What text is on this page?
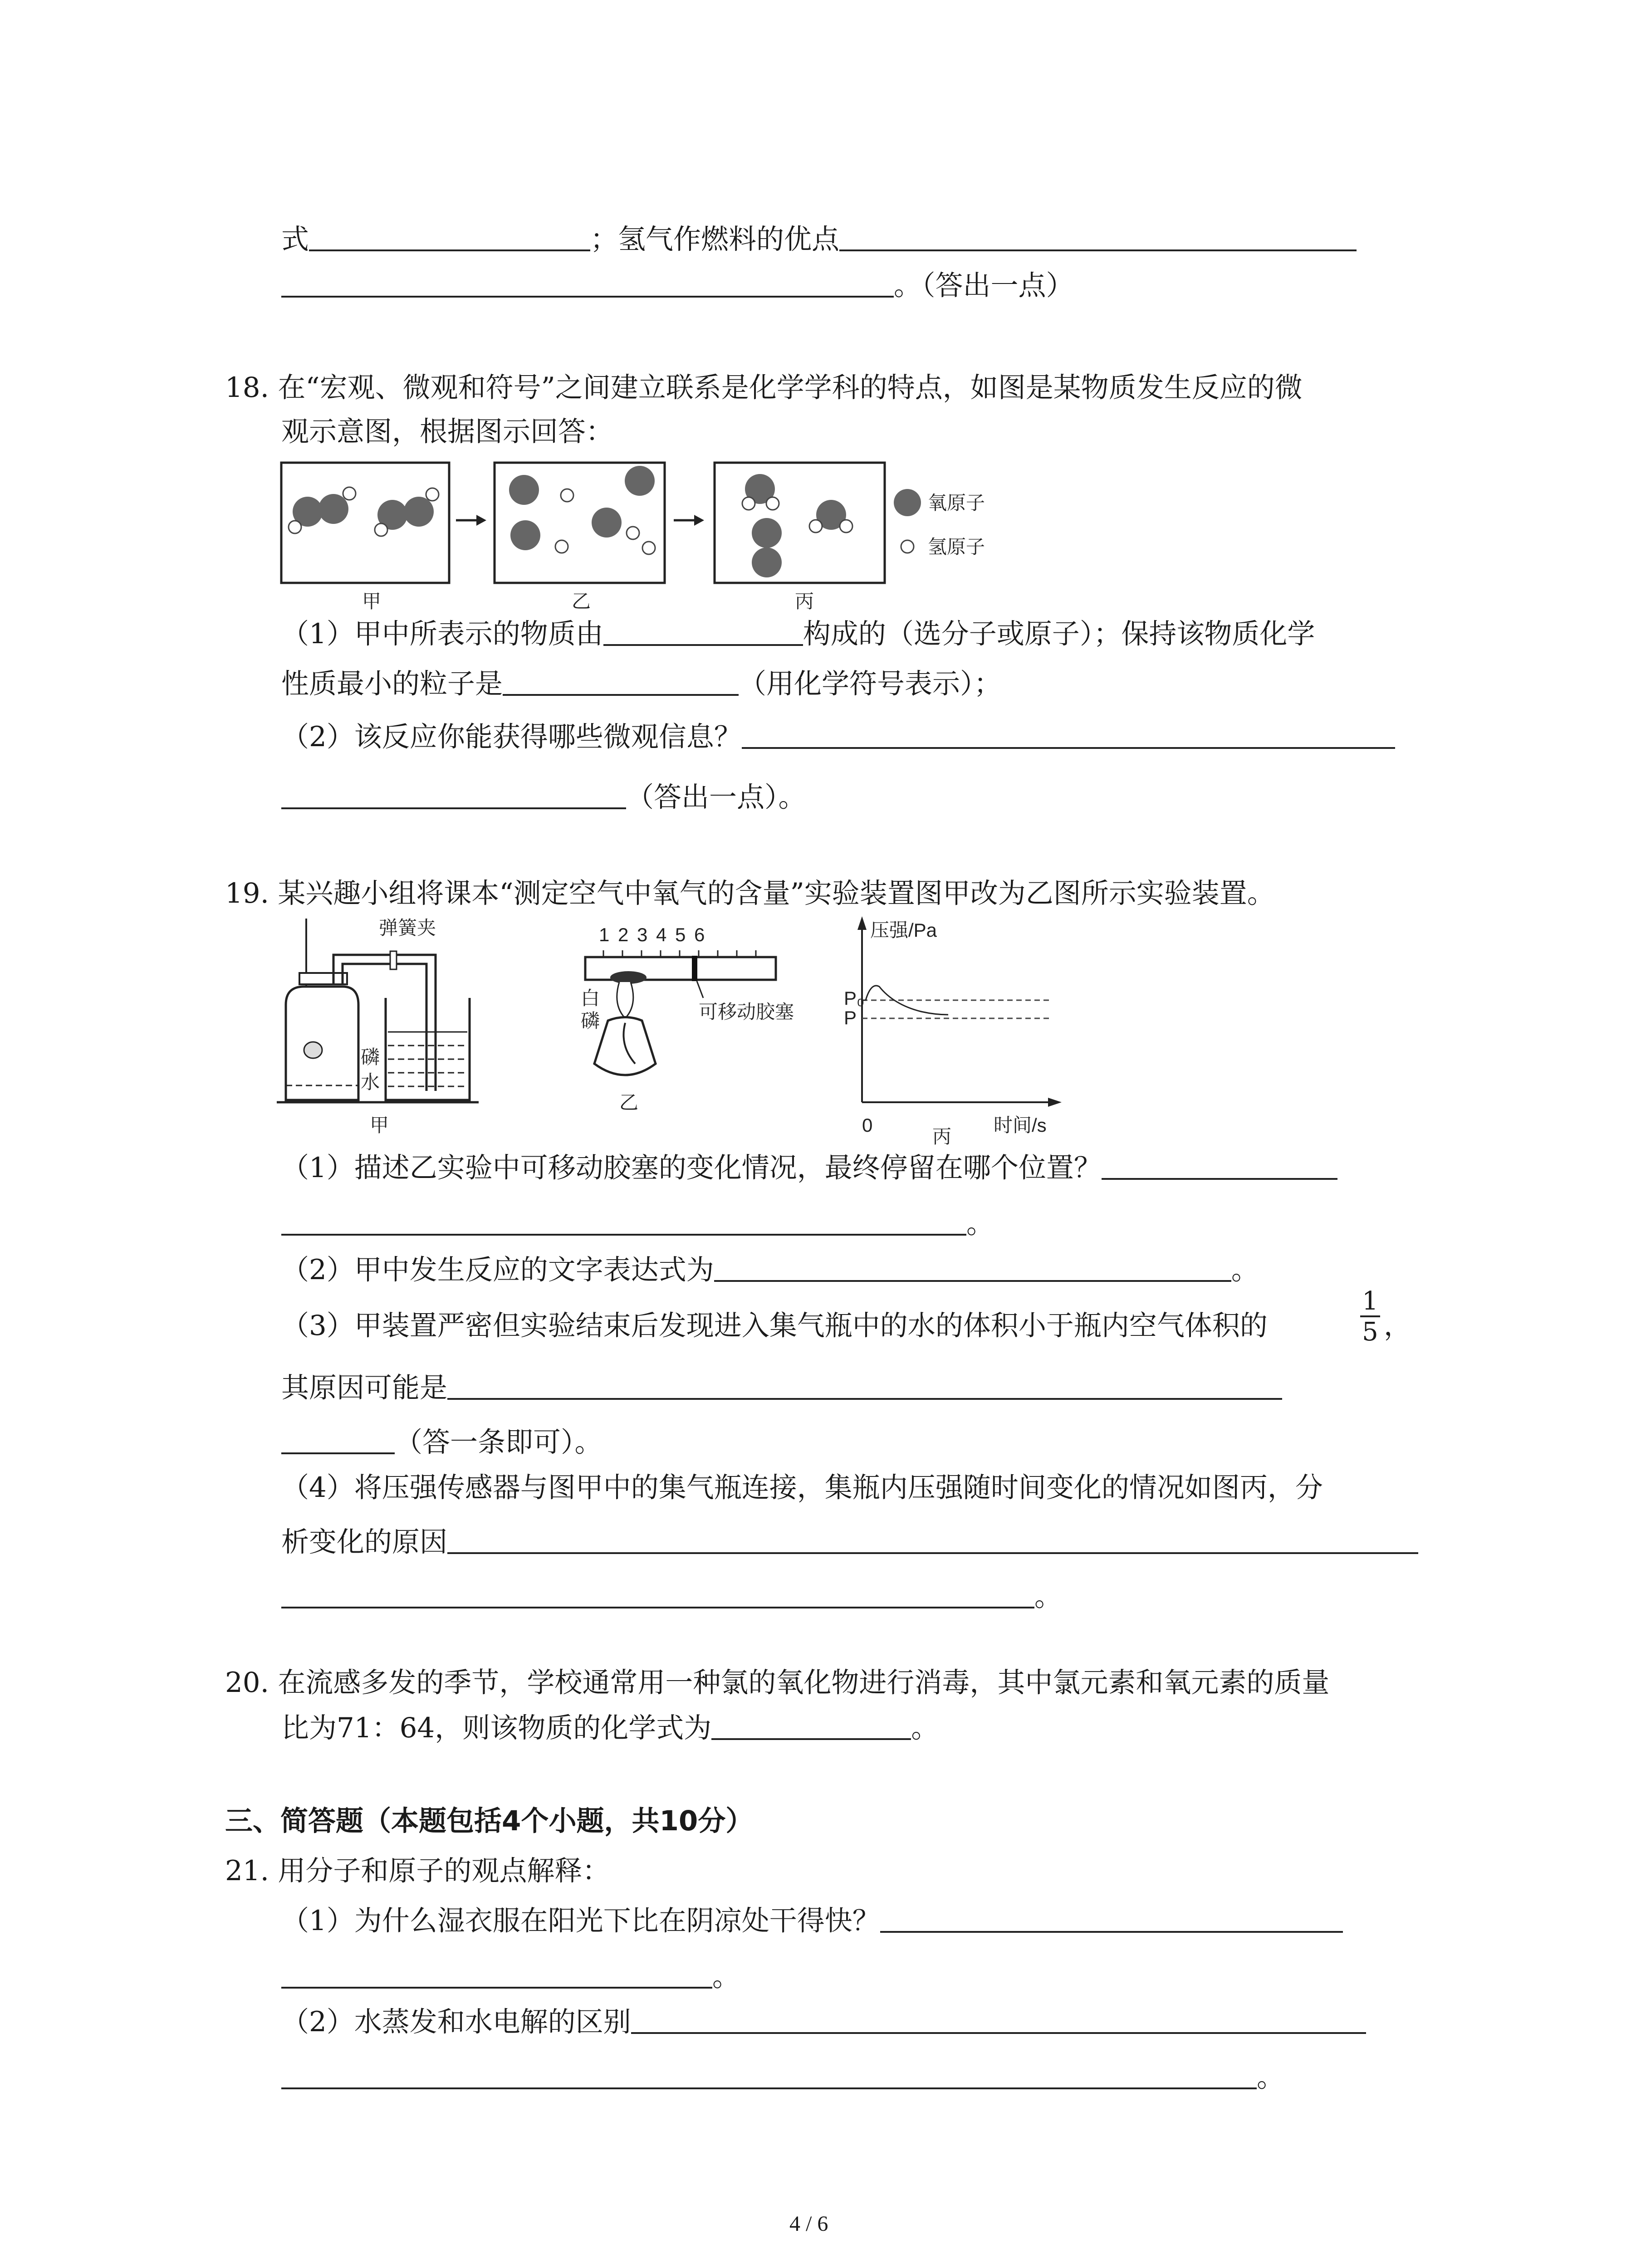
式	；氢气作燃料的优点
。（答出一点）
18. 在“宏观、微观和符号”之间建立联系是化学学科的特点，如图是某物质发生反应的微
观示意图，根据图示回答：
氧原子
氢原子
甲	乙	丙
（1）甲中所表示的物质由	构成的（选分子或原子）；保持该物质化学
性质最小的粒子是	（用化学符号表示）；
（2）该反应你能获得哪些微观信息？
（答出一点）。
19. 某兴趣小组将课本“测定空气中氧气的含量”实验装置图甲改为乙图所示实验装置。
弹簧夹
磷
水
甲
1 2 3 4 5 6
白
磷	可移动胶塞
乙
压强/Pa
P₀
P
0	时间/s
丙
（1）描述乙实验中可移动胶塞的变化情况，最终停留在哪个位置？
。
（2）甲中发生反应的文字表达式为	。
（3）甲装置严密但实验结束后发现进入集气瓶中的水的体积小于瓶内空气体积的
1
5 ，
其原因可能是
（答一条即可）。
（4）将压强传感器与图甲中的集气瓶连接，集瓶内压强随时间变化的情况如图丙，分
析变化的原因
。
20. 在流感多发的季节，学校通常用一种氯的氧化物进行消毒，其中氯元素和氧元素的质量
比为71：64，则该物质的化学式为	。
三、简答题（本题包括4个小题，共10分）
21. 用分子和原子的观点解释：
（1）为什么湿衣服在阳光下比在阴凉处干得快？
。
（2）水蒸发和水电解的区别
。
4 / 6
